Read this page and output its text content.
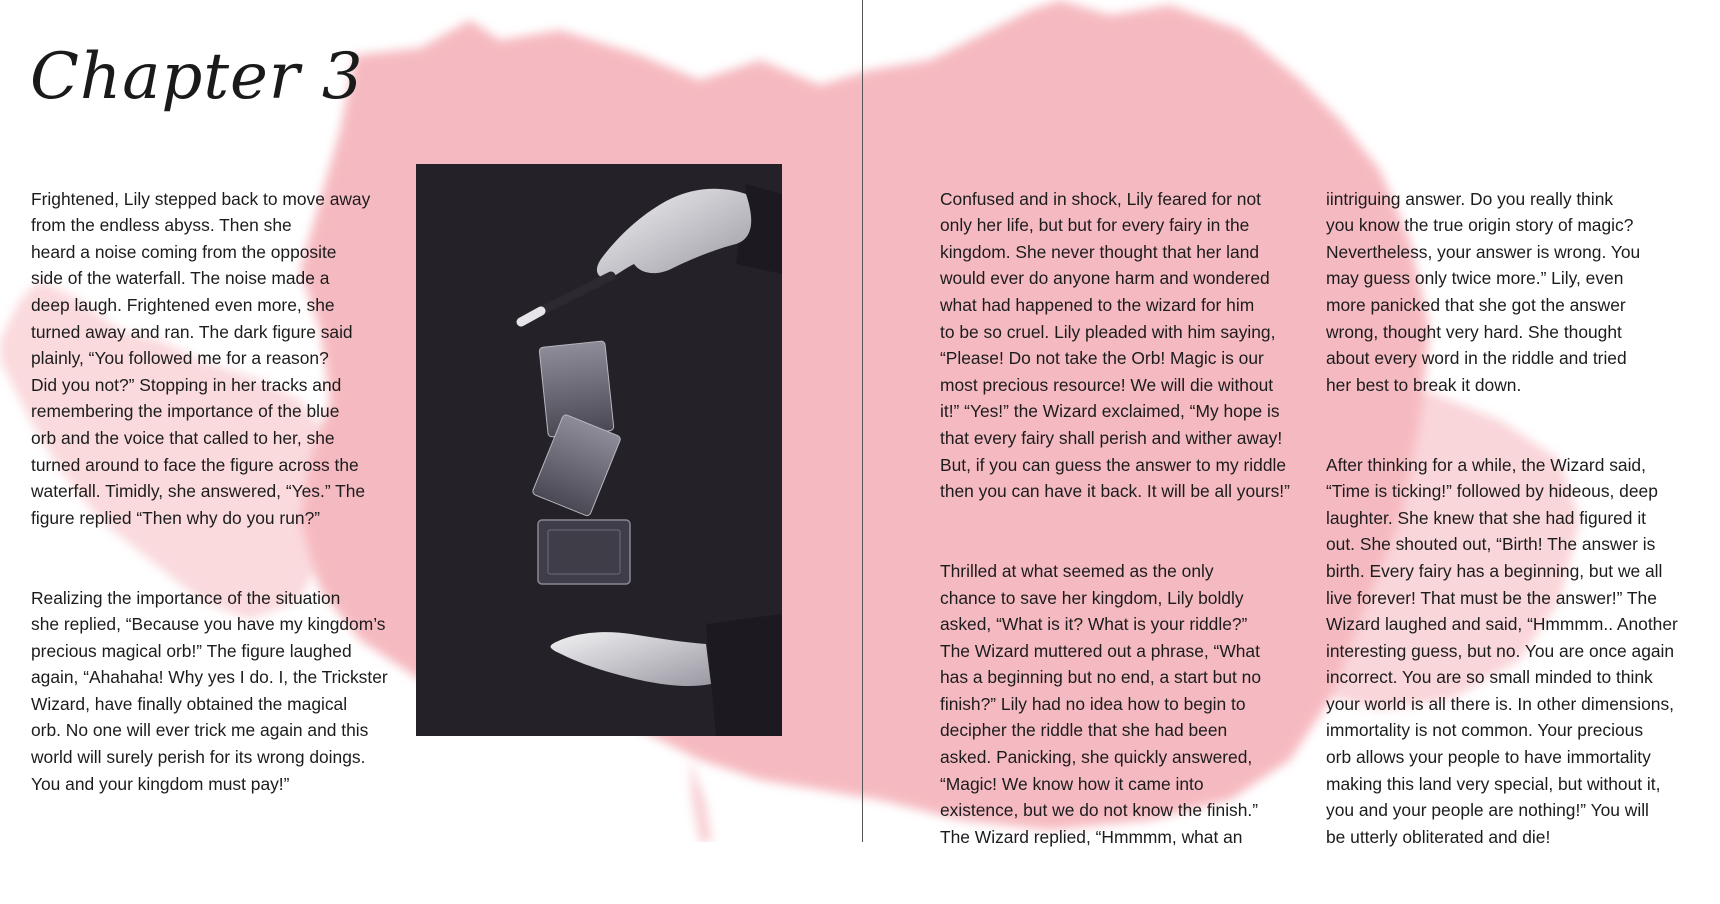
Chapter 3

Frightened, Lily stepped back to move away
from the endless abyss. Then she
heard a noise coming from the opposite
side of the waterfall. The noise made a
deep laugh. Frightened even more, she
turned away and ran. The dark figure said
plainly, “You followed me for a reason?
Did you not?” Stopping in her tracks and
remembering the importance of the blue
orb and the voice that called to her, she
turned around to face the figure across the
waterfall. Timidly, she answered, “Yes.” The
figure replied “Then why do you run?”

Realizing the importance of the situation
she replied, “Because you have my kingdom’s
precious magical orb!” The figure laughed
again, “Ahahaha! Why yes I do. I, the Trickster
Wizard, have finally obtained the magical
orb. No one will ever trick me again and this
world will surely perish for its wrong doings.
You and your kingdom must pay!”

Confused and in shock, Lily feared for not
only her life, but but for every fairy in the
kingdom. She never thought that her land
would ever do anyone harm and wondered
what had happened to the wizard for him
to be so cruel. Lily pleaded with him saying,
“Please! Do not take the Orb! Magic is our
most precious resource! We will die without
it!” “Yes!” the Wizard exclaimed, “My hope is
that every fairy shall perish and wither away!
But, if you can guess the answer to my riddle
then you can have it back. It will be all yours!”

Thrilled at what seemed as the only
chance to save her kingdom, Lily boldly
asked, “What is it? What is your riddle?”
The Wizard muttered out a phrase, “What
has a beginning but no end, a start but no
finish?” Lily had no idea how to begin to
decipher the riddle that she had been
asked. Panicking, she quickly answered,
“Magic! We know how it came into
existence, but we do not know the finish.”
The Wizard replied, “Hmmmm, what an

iintriguing answer. Do you really think
you know the true origin story of magic?
Nevertheless, your answer is wrong. You
may guess only twice more.” Lily, even
more panicked that she got the answer
wrong, thought very hard. She thought
about every word in the riddle and tried
her best to break it down.

After thinking for a while, the Wizard said,
“Time is ticking!” followed by hideous, deep
laughter. She knew that she had figured it
out. She shouted out, “Birth! The answer is
birth. Every fairy has a beginning, but we all
live forever! That must be the answer!” The
Wizard laughed and said, “Hmmmm.. Another
interesting guess, but no. You are once again
incorrect. You are so small minded to think
your world is all there is. In other dimensions,
immortality is not common. Your precious
orb allows your people to have immortality
making this land very special, but without it,
you and your people are nothing!” You will
be utterly obliterated and die!
